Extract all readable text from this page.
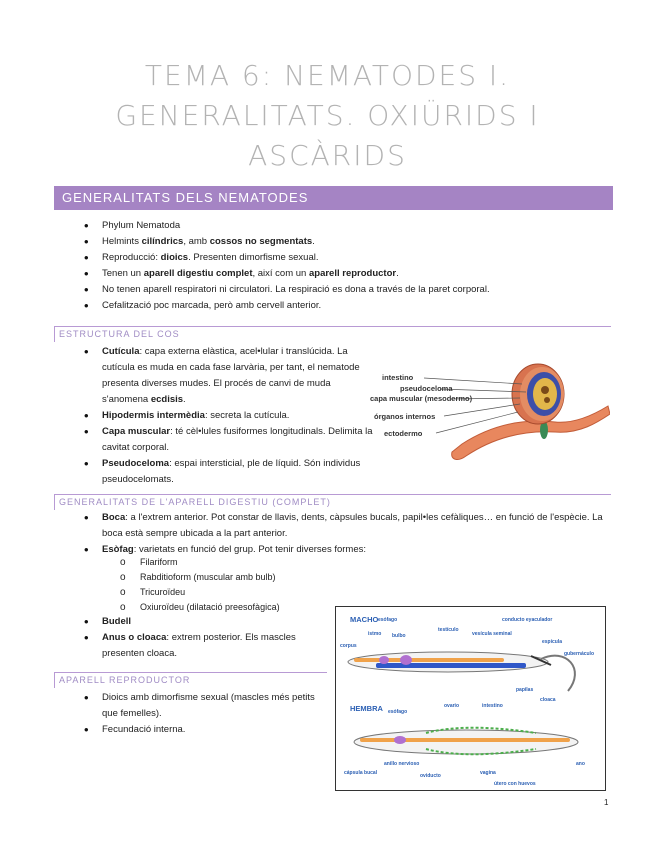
TEMA 6: NEMATODES I.
GENERALITATS. OXIÜRIDS I
ASCÀRIDS
GENERALITATS DELS NEMATODES
• Phylum Nematoda
• Helmints cilíndrics, amb cossos no segmentats.
• Reproducció: dioics. Presenten dimorfisme sexual.
• Tenen un aparell digestiu complet, així com un aparell reproductor.
• No tenen aparell respiratori ni circulatori. La respiració es dona a través de la paret corporal.
• Cefalització poc marcada, però amb cervell anterior.
ESTRUCTURA DEL COS
• Cutícula: capa externa elàstica, acel•lular i translúcida. La cutícula es muda en cada fase larvària, per tant, el nematode presenta diverses mudes. El procés de canvi de muda s'anomena ecdisis.
• Hipodermis intermèdia: secreta la cutícula.
• Capa muscular: té cèl•lules fusiformes longitudinals. Delimita la cavitat corporal.
• Pseudoceloma: espai intersticial, ple de líquid. Són individus pseudocelomats.
intestino
pseudoceloma
capa muscular (mesodermo)
órganos internos
ectodermo
GENERALITATS DE L'APARELL DIGESTIU (COMPLET)
• Boca: a l'extrem anterior. Pot constar de llavis, dents, càpsules bucals, papil•les cefàliques… en funció de l'espècie. La boca està sempre ubicada a la part anterior.
• Esòfag: varietats en funció del grup. Pot tenir diverses formes:
o Filariform
o Rabditioform (muscular amb bulb)
o Tricuroïdeu
o Oxiuroïdeu (dilatació preesofàgica)
• Budell
• Anus o cloaca: extrem posterior. Els mascles presenten cloaca.
APARELL REPRODUCTOR
• Dioics amb dimorfisme sexual (mascles més petits que femelles).
• Fecundació interna.
MACHO esófago
istmo bulbo
corpus
testículo
vesícula seminal
conducto eyaculador
espícula
gubernáculo
papilas
cloaca
HEMBRA esófago
ovario	intestino
anillo nervioso
cápsula bucal	oviducto	vagina
útero con huevos
ano
1
